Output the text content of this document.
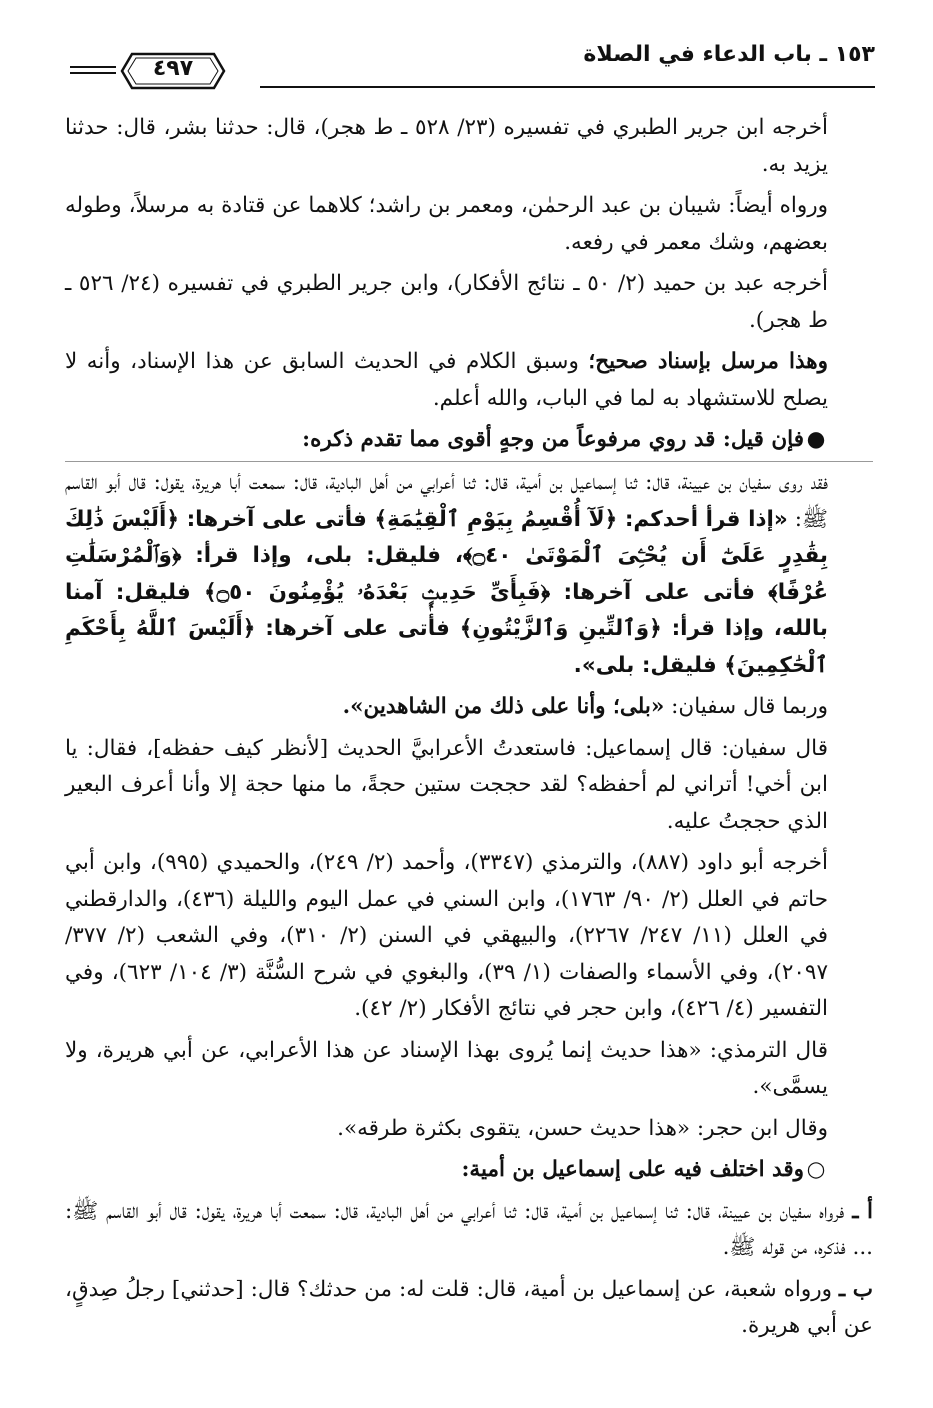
١٥٣ ـ باب الدعاء في الصلاة
٤٩٧

أخرجه ابن جرير الطبري في تفسيره (٢٣/ ٥٢٨ ـ ط هجر)، قال: حدثنا بشر، قال: حدثنا يزيد به.

ورواه أيضاً: شيبان بن عبد الرحمٰن، ومعمر بن راشد؛ كلاهما عن قتادة به مرسلاً، وطوله بعضهم، وشك معمر في رفعه.

أخرجه عبد بن حميد (٢/ ٥٠ ـ نتائج الأفكار)، وابن جرير الطبري في تفسيره (٢٤/ ٥٢٦ ـ ط هجر).

وهذا مرسل بإسناد صحيح؛ وسبق الكلام في الحديث السابق عن هذا الإسناد، وأنه لا يصلح للاستشهاد به لما في الباب، والله أعلم.

●فإن قيل: قد روي مرفوعاً من وجهٍ أقوى مما تقدم ذكره:

فقد روى سفيان بن عيينة، قال: ثنا إسماعيل بن أمية، قال: ثنا أعرابي من أهل البادية، قال: سمعت أبا هريرة، يقول: قال أبو القاسم ﷺ: «إذا قرأ أحدكم: ﴿لَآ أُقْسِمُ بِيَوْمِ ٱلْقِيَٰمَةِ﴾ فأتى على آخرها: ﴿أَلَيْسَ ذَٰلِكَ بِقَٰدِرٍ عَلَىٰٓ أَن يُحْـِۧىَ ٱلْمَوْتَىٰ ۝٤٠﴾، فليقل: بلى، وإذا قرأ: ﴿وَٱلْمُرْسَلَٰتِ عُرْفًا﴾ فأتى على آخرها: ﴿فَبِأَىِّ حَدِيثٍۭ بَعْدَهُۥ يُؤْمِنُونَ ۝٥٠﴾ فليقل: آمنا بالله، وإذا قرأ: ﴿وَٱلتِّينِ وَٱلزَّيْتُونِ﴾ فأتى على آخرها: ﴿أَلَيْسَ ٱللَّهُ بِأَحْكَمِ ٱلْحَٰكِمِينَ﴾ فليقل: بلى».

وربما قال سفيان: «بلى؛ وأنا على ذلك من الشاهدين».

قال سفيان: قال إسماعيل: فاستعدتُ الأعرابيَّ الحديث [لأنظر كيف حفظه]، فقال: يا ابن أخي! أتراني لم أحفظه؟ لقد حججت ستين حجةً، ما منها حجة إلا وأنا أعرف البعير الذي حججتُ عليه.

أخرجه أبو داود (٨٨٧)، والترمذي (٣٣٤٧)، وأحمد (٢/ ٢٤٩)، والحميدي (٩٩٥)، وابن أبي حاتم في العلل (٢/ ٩٠/ ١٧٦٣)، وابن السني في عمل اليوم والليلة (٤٣٦)، والدارقطني في العلل (١١/ ٢٤٧/ ٢٢٦٧)، والبيهقي في السنن (٢/ ٣١٠)، وفي الشعب (٢/ ٣٧٧/ ٢٠٩٧)، وفي الأسماء والصفات (١/ ٣٩)، والبغوي في شرح السُّنَّة (٣/ ١٠٤/ ٦٢٣)، وفي التفسير (٤/ ٤٢٦)، وابن حجر في نتائج الأفكار (٢/ ٤٢).

قال الترمذي: «هذا حديث إنما يُروى بهذا الإسناد عن هذا الأعرابي، عن أبي هريرة، ولا يسمَّى».

وقال ابن حجر: «هذا حديث حسن، يتقوى بكثرة طرقه».

○وقد اختلف فيه على إسماعيل بن أمية:

أ ـ فرواه سفيان بن عيينة، قال: ثنا إسماعيل بن أمية، قال: ثنا أعرابي من أهل البادية، قال: سمعت أبا هريرة، يقول: قال أبو القاسم ﷺ: ... فذكره، من قوله ﷺ.

ب ـ ورواه شعبة، عن إسماعيل بن أمية، قال: قلت له: من حدثك؟ قال: [حدثني] رجلُ صِدقٍ، عن أبي هريرة.
